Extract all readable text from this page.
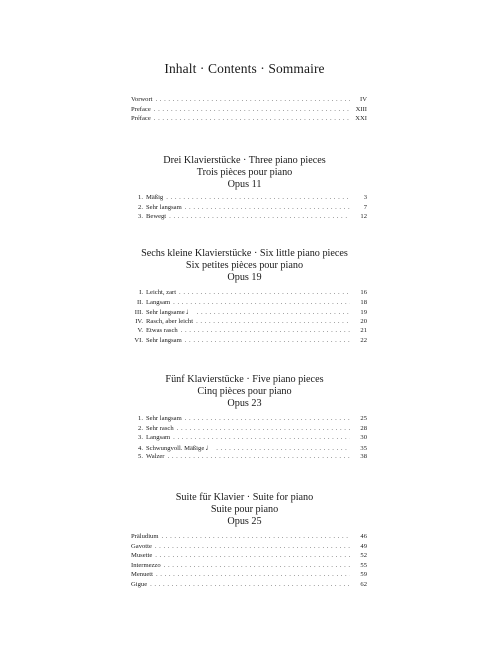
Inhalt · Contents · Sommaire
Vorwort . . .	IV
Preface . . .	XIII
Préface . . .	XXI
Drei Klavierstücke · Three piano pieces
Trois pièces pour piano
Opus 11
1. Mäßig . . .	3
2. Sehr langsam . . .	7
3. Bewegt . . .	12
Sechs kleine Klavierstücke · Six little piano pieces
Six petites pièces pour piano
Opus 19
I. Leicht, zart . . .	16
II. Langsam . . .	18
III. Sehr langsame ♩ . . .	19
IV. Rasch, aber leicht . . .	20
V. Etwas rasch . . .	21
VI. Sehr langsam . . .	22
Fünf Klavierstücke · Five piano pieces
Cinq pièces pour piano
Opus 23
1. Sehr langsam . . .	25
2. Sehr rasch . . .	28
3. Langsam . . .	30
4. Schwungvoll. Mäßige ♩ . . .	35
5. Walzer . . .	38
Suite für Klavier · Suite for piano
Suite pour piano
Opus 25
Präludium . . .	46
Gavotte . . .	49
Musette . . .	52
Intermezzo . . .	55
Menuett . . .	59
Gigue . . .	62
